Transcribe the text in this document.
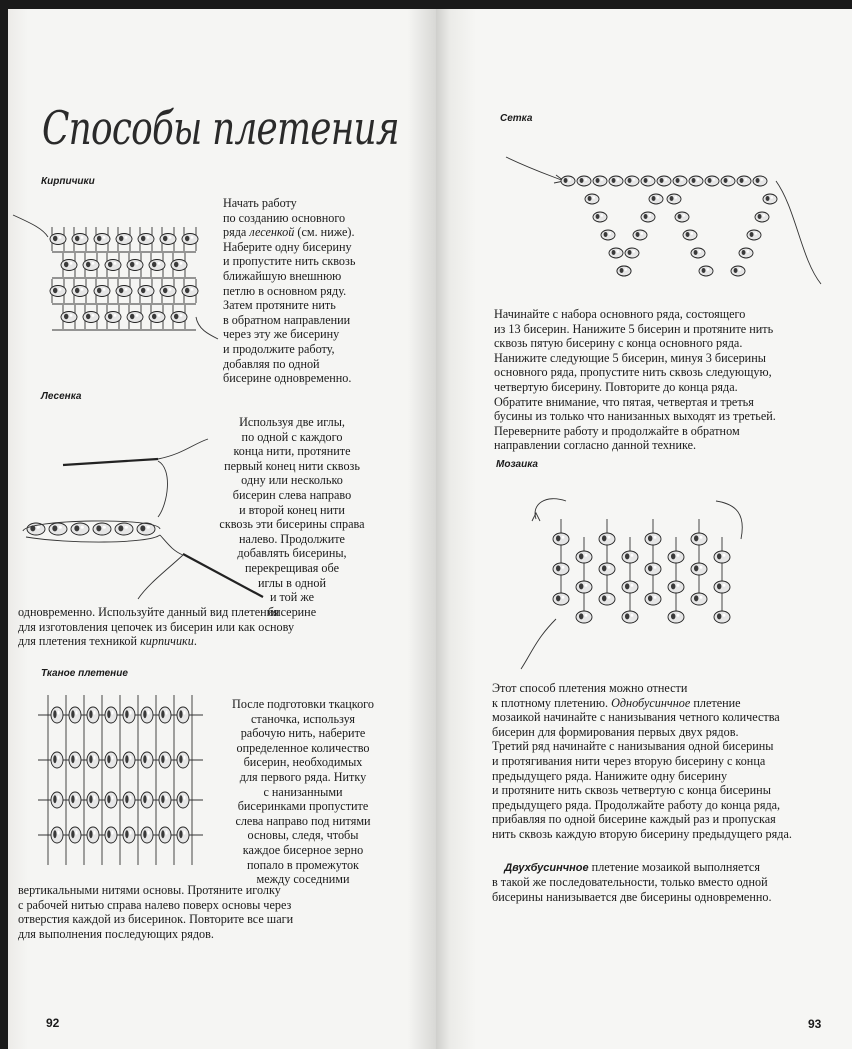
Способы плетения
Кирпичики
Начать работу
по созданию основного
ряда лесенкой (см. ниже).
Наберите одну бисерину
и пропустите нить сквозь
ближайшую внешнюю
петлю в основном ряду.
Затем протяните нить
в обратном направлении
через эту же бисерину
и продолжите работу,
добавляя по одной
бисерине одновременно.
Лесенка
Используя две иглы,
по одной с каждого
конца нити, протяните
первый конец нити сквозь
одну или несколько
бисерин слева направо
и второй конец нити
сквозь эти бисерины справа
налево. Продолжите
добавлять бисерины,
перекрещивая обе
иглы в одной
и той же
бисерине
одновременно. Используйте данный вид плетения
для изготовления цепочек из бисерин или как основу
для плетения техникой кирпичики.
Тканое плетение
После подготовки ткацкого
станочка, используя
рабочую нить, наберите
определенное количество
бисерин, необходимых
для первого ряда. Нитку
с нанизанными
бисеринками пропустите
слева направо под нитями
основы, следя, чтобы
каждое бисерное зерно
попало в промежуток
между соседними
вертикальными нитями основы. Протяните иголку
с рабочей нитью справа налево поверх основы через
отверстия каждой из бисеринок. Повторите все шаги
для выполнения последующих рядов.
92
Сетка
Начинайте с набора основного ряда, состоящего
из 13 бисерин. Нанижите 5 бисерин и протяните нить
сквозь пятую бисерину с конца основного ряда.
Нанижите следующие 5 бисерин, минуя 3 бисерины
основного ряда, пропустите нить сквозь следующую,
четвертую бисерину. Повторите до конца ряда.
Обратите внимание, что пятая, четвертая и третья
бусины из только что нанизанных выходят из третьей.
Переверните работу и продолжайте в обратном
направлении согласно данной технике.
Мозаика
Этот способ плетения можно отнести
к плотному плетению. Однобусинчное плетение
мозаикой начинайте с нанизывания четного количества
бисерин для формирования первых двух рядов.
Третий ряд начинайте с нанизывания одной бисерины
и протягивания нити через вторую бисерину с конца
предыдущего ряда. Нанижите одну бисерину
и протяните нить сквозь четвертую с конца бисерины
предыдущего ряда. Продолжайте работу до конца ряда,
прибавляя по одной бисерине каждый раз и пропуская
нить сквозь каждую вторую бисерину предыдущего ряда.

Двухбусинчное плетение мозаикой выполняется
в такой же последовательности, только вместо одной
бисерины нанизывается две бисерины одновременно.

93
